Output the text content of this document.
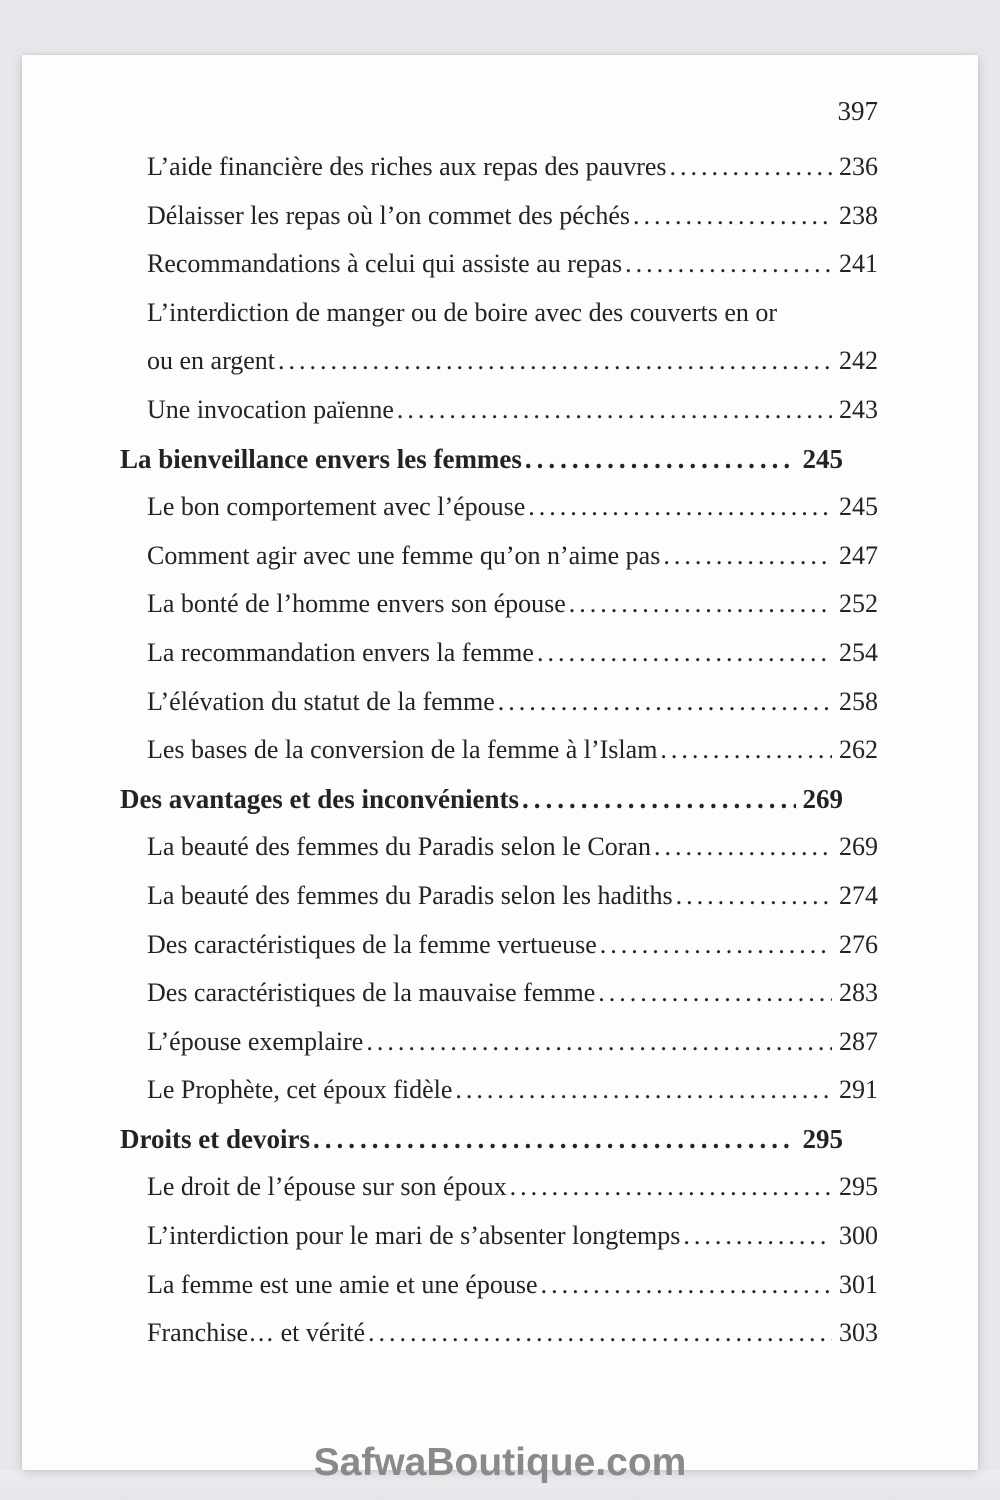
397
L’aide financière des riches aux repas des pauvres .....	236
Délaisser les repas où l’on commet des péchés .....	238
Recommandations à celui qui assiste au repas .....	241
L’interdiction de manger ou de boire avec des couverts en or
ou en argent .....	242
Une invocation païenne .....	243
La bienveillance envers les femmes .....	245
Le bon comportement avec l’épouse .....	245
Comment agir avec une femme qu’on n’aime pas .....	247
La bonté de l’homme envers son épouse .....	252
La recommandation envers la femme .....	254
L’élévation du statut de la femme .....	258
Les bases de la conversion de la femme à l’Islam .....	262
Des avantages et des inconvénients .....	269
La beauté des femmes du Paradis selon le Coran .....	269
La beauté des femmes du Paradis selon les hadiths .....	274
Des caractéristiques de la femme vertueuse .....	276
Des caractéristiques de la mauvaise femme .....	283
L’épouse exemplaire .....	287
Le Prophète, cet époux fidèle .....	291
Droits et devoirs .....	295
Le droit de l’épouse sur son époux .....	295
L’interdiction pour le mari de s’absenter longtemps .....	300
La femme est une amie et une épouse .....	301
Franchise… et vérité .....	303
SafwaBoutique.com
